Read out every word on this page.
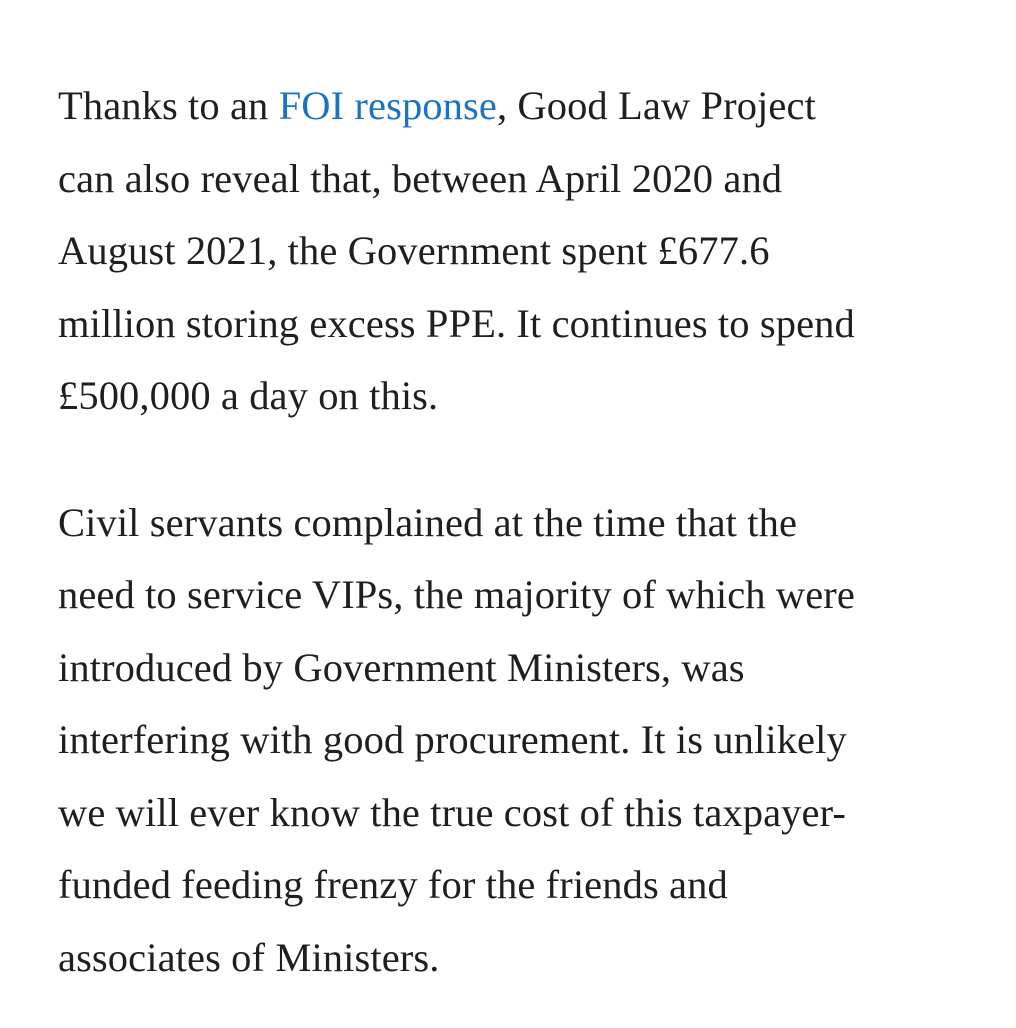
Thanks to an FOI response, Good Law Project
can also reveal that, between April 2020 and
August 2021, the Government spent £677.6
million storing excess PPE. It continues to spend
£500,000 a day on this.

Civil servants complained at the time that the
need to service VIPs, the majority of which were
introduced by Government Ministers, was
interfering with good procurement. It is unlikely
we will ever know the true cost of this taxpayer-
funded feeding frenzy for the friends and
associates of Ministers.
